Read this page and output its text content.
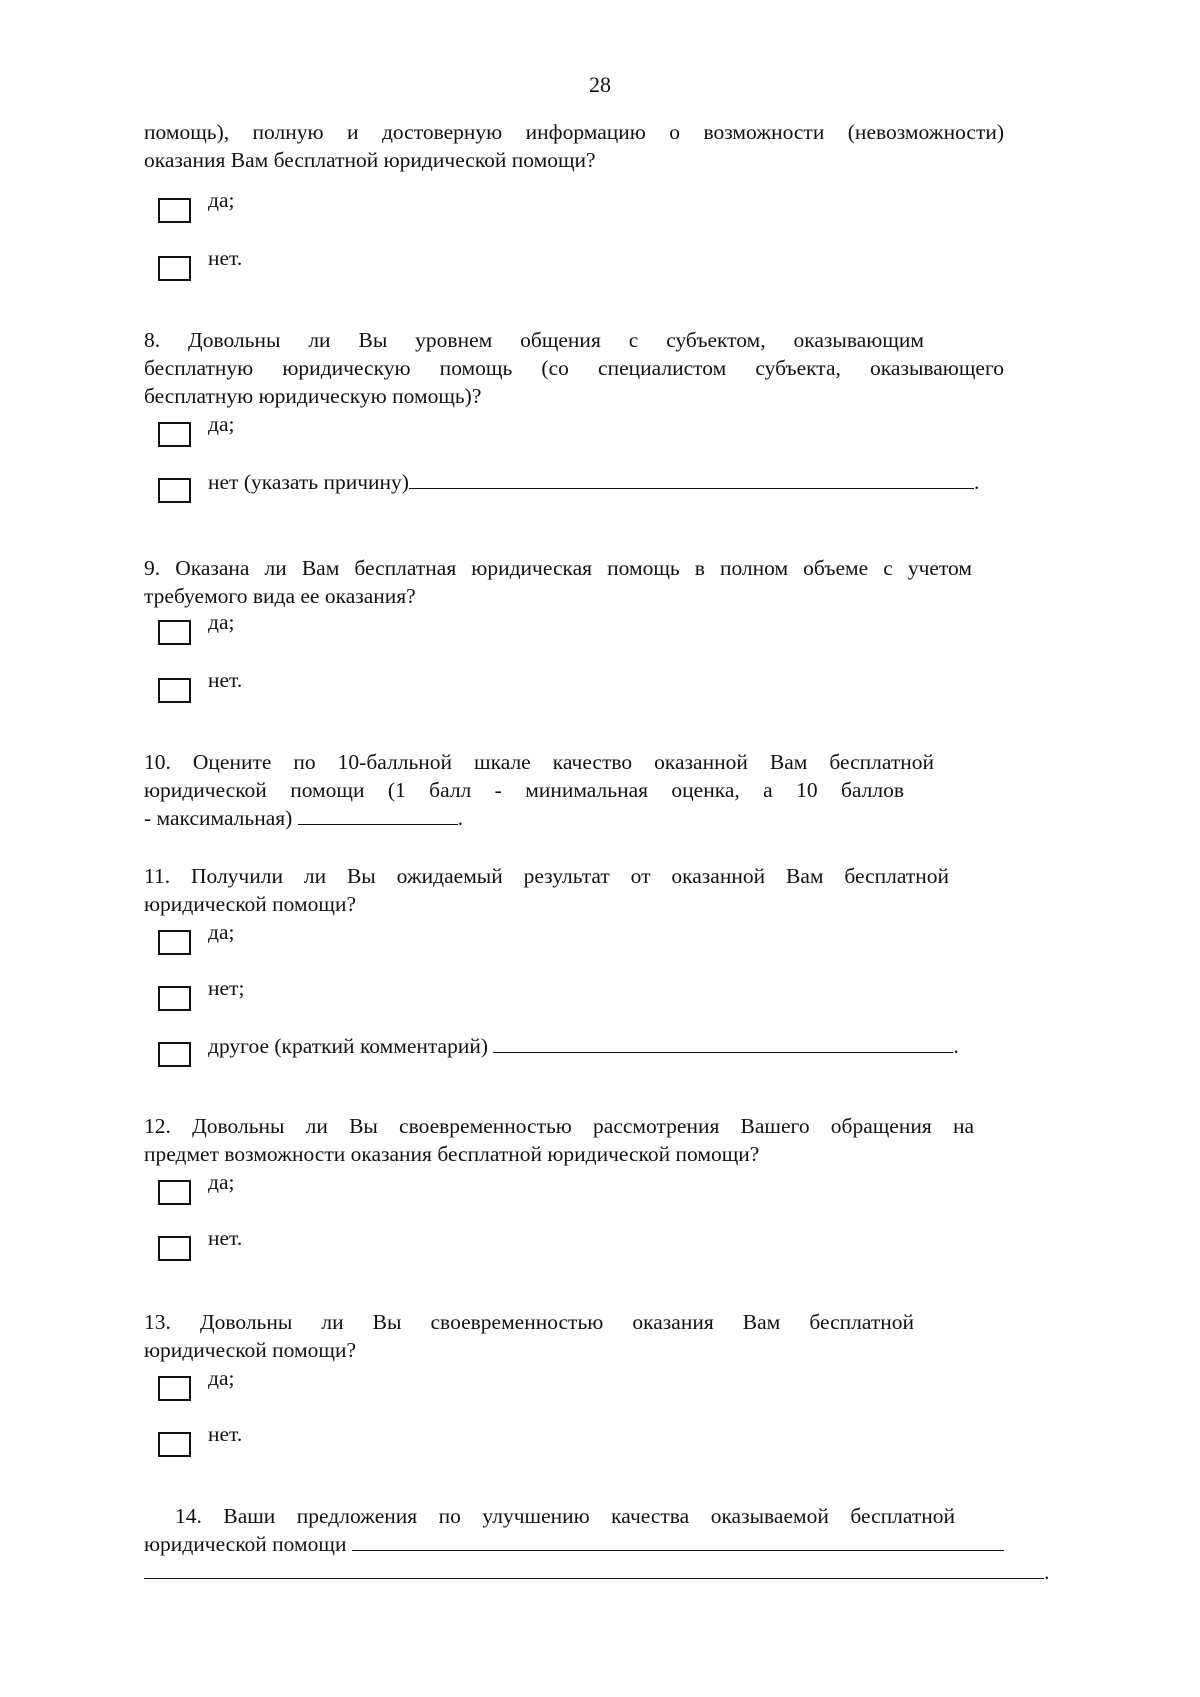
28
помощь), полную и достоверную информацию о возможности (невозможности)
оказания Вам бесплатной юридической помощи?
да;
нет.
8. Довольны ли Вы уровнем общения с субъектом, оказывающим
бесплатную юридическую помощь (со специалистом субъекта, оказывающего
бесплатную юридическую помощь)?
да;
нет (указать причину)	.
9. Оказана ли Вам бесплатная юридическая помощь в полном объеме с учетом
требуемого вида ее оказания?
да;
нет.
10. Оцените по 10-балльной шкале качество оказанной Вам бесплатной
юридической помощи (1 балл - минимальная оценка, а 10 баллов
- максимальная)	.
11. Получили ли Вы ожидаемый результат от оказанной Вам бесплатной
юридической помощи?
да;
нет;
другое (краткий комментарий)	.
12. Довольны ли Вы своевременностью рассмотрения Вашего обращения на
предмет возможности оказания бесплатной юридической помощи?
да;
нет.
13. Довольны ли Вы своевременностью оказания Вам бесплатной
юридической помощи?
да;
нет.
14. Ваши предложения по улучшению качества оказываемой бесплатной
юридической помощи
.
